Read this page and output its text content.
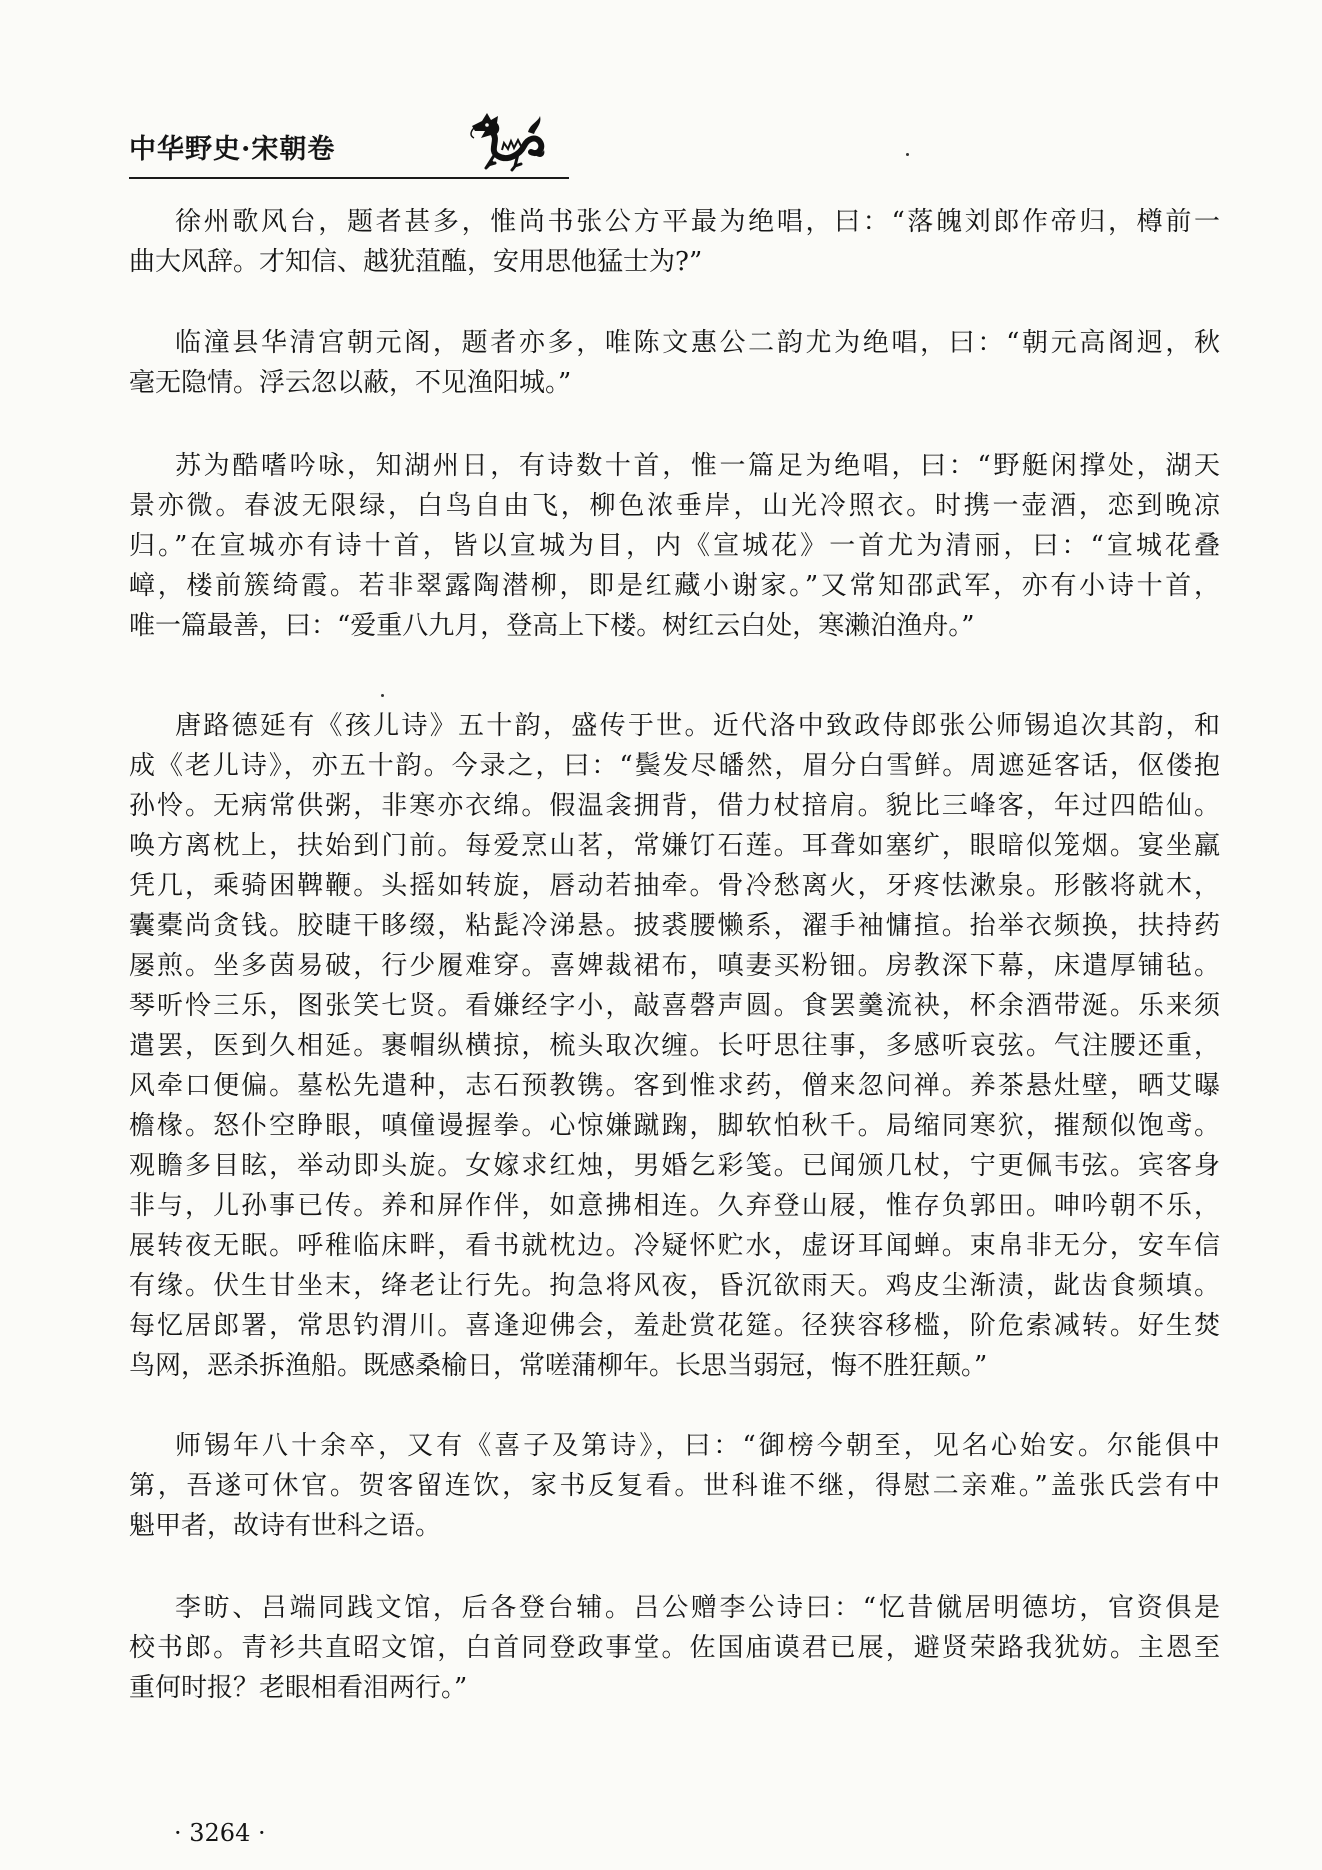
中华野史·宋朝卷
徐州歌风台，题者甚多，惟尚书张公方平最为绝唱，曰：“落魄刘郎作帝归，樽前一
曲大风辞。才知信、越犹菹醢，安用思他猛士为?”
临潼县华清宫朝元阁，题者亦多，唯陈文惠公二韵尤为绝唱，曰：“朝元高阁迥，秋
毫无隐情。浮云忽以蔽，不见渔阳城。”
苏为酷嗜吟咏，知湖州日，有诗数十首，惟一篇足为绝唱，曰：“野艇闲撑处，湖天
景亦微。春波无限绿，白鸟自由飞，柳色浓垂岸，山光冷照衣。时携一壶酒，恋到晚凉
归。”在宣城亦有诗十首，皆以宣城为目，内《宣城花》一首尤为清丽，曰：“宣城花叠
嶂，楼前簇绮霞。若非翠露陶潜柳，即是红藏小谢家。”又常知邵武军，亦有小诗十首，
唯一篇最善，曰：“爱重八九月，登高上下楼。树红云白处，寒濑泊渔舟。”
唐路德延有《孩儿诗》五十韵，盛传于世。近代洛中致政侍郎张公师锡追次其韵，和
成《老儿诗》，亦五十韵。今录之，曰：“鬓发尽皤然，眉分白雪鲜。周遮延客话，伛偻抱
孙怜。无病常供粥，非寒亦衣绵。假温衾拥背，借力杖揞肩。貌比三峰客，年过四皓仙。
唤方离枕上，扶始到门前。每爱烹山茗，常嫌饤石莲。耳聋如塞纩，眼暗似笼烟。宴坐羸
凭几，乘骑困鞞鞭。头摇如转旋，唇动若抽牵。骨冷愁离火，牙疼怯漱泉。形骸将就木，
囊橐尚贪钱。胶睫干眵缀，粘髭冷涕悬。披裘腰懒系，濯手袖慵揎。抬举衣频换，扶持药
屡煎。坐多茵易破，行少履难穿。喜婢裁裙布，嗔妻买粉钿。房教深下幕，床遣厚铺毡。
琴听怜三乐，图张笑七贤。看嫌经字小，敲喜磬声圆。食罢羹流袂，杯余酒带涎。乐来须
遣罢，医到久相延。裹帽纵横掠，梳头取次缠。长吁思往事，多感听哀弦。气注腰还重，
风牵口便偏。墓松先遣种，志石预教镌。客到惟求药，僧来忽问禅。养茶悬灶壁，晒艾曝
檐椽。怒仆空睁眼，嗔僮谩握拳。心惊嫌蹴踘，脚软怕秋千。局缩同寒狖，摧颓似饱鸢。
观瞻多目眩，举动即头旋。女嫁求红烛，男婚乞彩笺。已闻颁几杖，宁更佩韦弦。宾客身
非与，儿孙事已传。养和屏作伴，如意拂相连。久弃登山屐，惟存负郭田。呻吟朝不乐，
展转夜无眠。呼稚临床畔，看书就枕边。冷疑怀贮水，虚讶耳闻蝉。束帛非无分，安车信
有缘。伏生甘坐末，绛老让行先。拘急将风夜，昏沉欲雨天。鸡皮尘渐渍，龀齿食频填。
每忆居郎署，常思钓渭川。喜逢迎佛会，羞赴赏花筵。径狭容移槛，阶危索减转。好生焚
鸟网，恶杀拆渔船。既感桑榆日，常嗟蒲柳年。长思当弱冠，悔不胜狂颠。”
师锡年八十余卒，又有《喜子及第诗》，曰：“御榜今朝至，见名心始安。尔能俱中
第，吾遂可休官。贺客留连饮，家书反复看。世科谁不继，得慰二亲难。”盖张氏尝有中
魁甲者，故诗有世科之语。
李昉、吕端同践文馆，后各登台辅。吕公赠李公诗曰：“忆昔僦居明德坊，官资俱是
校书郎。青衫共直昭文馆，白首同登政事堂。佐国庙谟君已展，避贤荣路我犹妨。主恩至
重何时报？老眼相看泪两行。”
· 3264 ·
